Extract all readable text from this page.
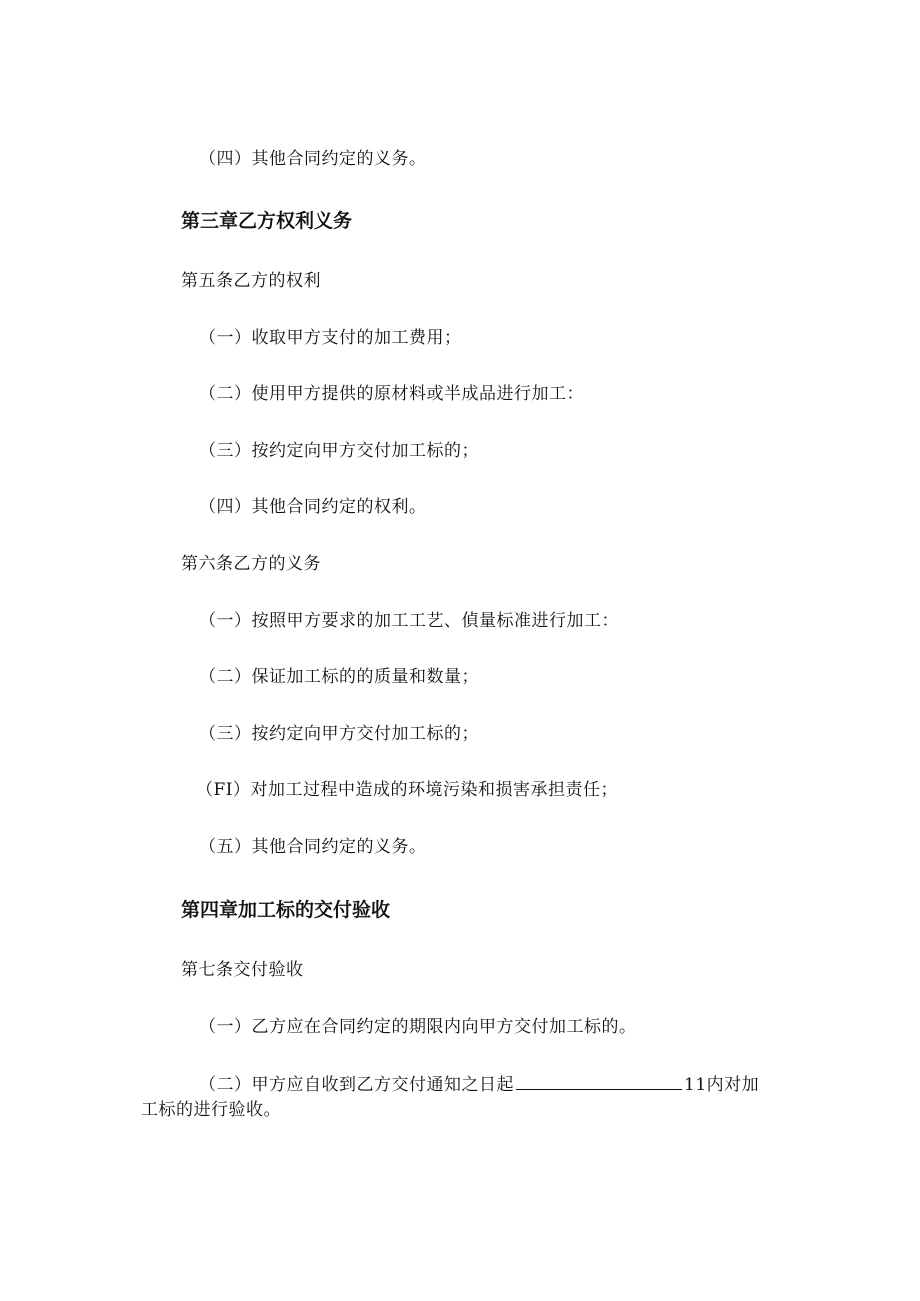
（四）其他合同约定的义务。
第三章乙方权利义务
第五条乙方的权利
（一）收取甲方支付的加工费用；
（二）使用甲方提供的原材料或半成品进行加工：
（三）按约定向甲方交付加工标的；
（四）其他合同约定的权利。
第六条乙方的义务
（一）按照甲方要求的加工工艺、偵量标准进行加工：
（二）保证加工标的的质量和数量；
（三）按约定向甲方交付加工标的；
（FI）对加工过程中造成的环境污染和损害承担责任；
（五）其他合同约定的义务。
第四章加工标的交付验收
第七条交付验收
（一）乙方应在合同约定的期限内向甲方交付加工标的。
（二）甲方应自收到乙方交付通知之日起	11内对加
工标的进行验收。
